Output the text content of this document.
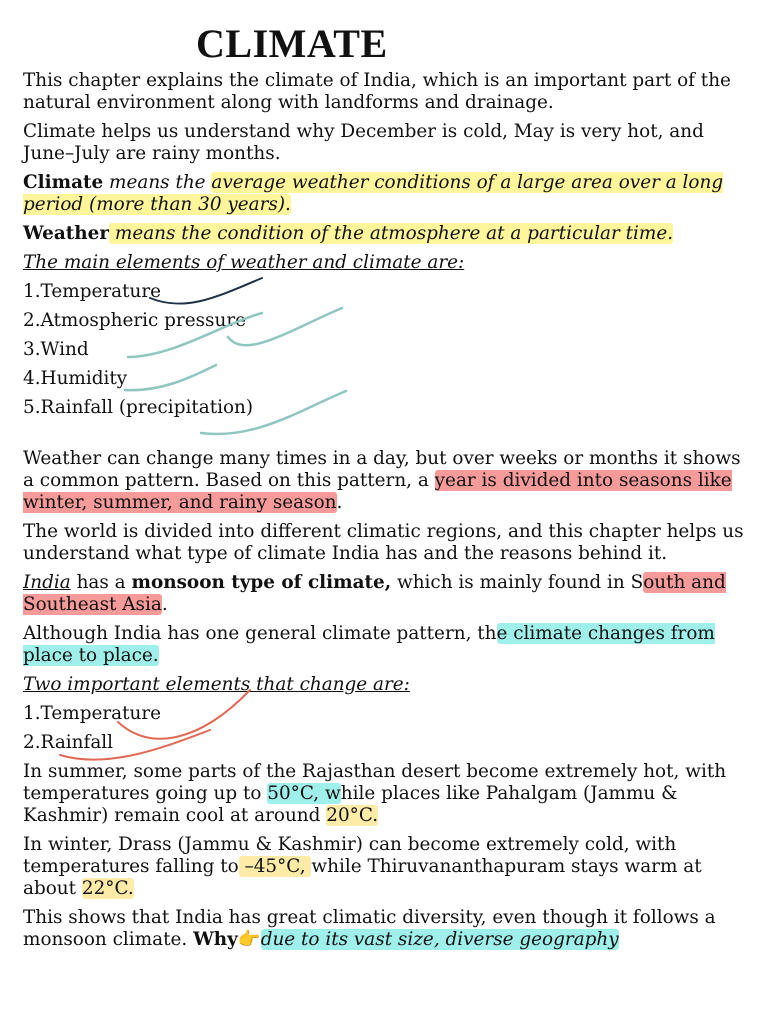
CLIMATE

This chapter explains the climate of India, which is an important part of the natural environment along with landforms and drainage.

Climate helps us understand why December is cold, May is very hot, and June–July are rainy months.

Climate means the average weather conditions of a large area over a long period (more than 30 years).

Weather means the condition of the atmosphere at a particular time.

The main elements of weather and climate are:

1.Temperature

2.Atmospheric pressure

3.Wind

4.Humidity

5.Rainfall (precipitation)

Weather can change many times in a day, but over weeks or months it shows a common pattern. Based on this pattern, a year is divided into seasons like winter, summer, and rainy season.

The world is divided into different climatic regions, and this chapter helps us understand what type of climate India has and the reasons behind it.

India has a monsoon type of climate, which is mainly found in South and Southeast Asia.

Although India has one general climate pattern, the climate changes from place to place.

Two important elements that change are:

1.Temperature

2.Rainfall

In summer, some parts of the Rajasthan desert become extremely hot, with temperatures going up to 50°C, while places like Pahalgam (Jammu & Kashmir) remain cool at around 20°C.

In winter, Drass (Jammu & Kashmir) can become extremely cold, with temperatures falling to –45°C, while Thiruvananthapuram stays warm at about 22°C.

This shows that India has great climatic diversity, even though it follows a monsoon climate. Why👉due to its vast size, diverse geography
